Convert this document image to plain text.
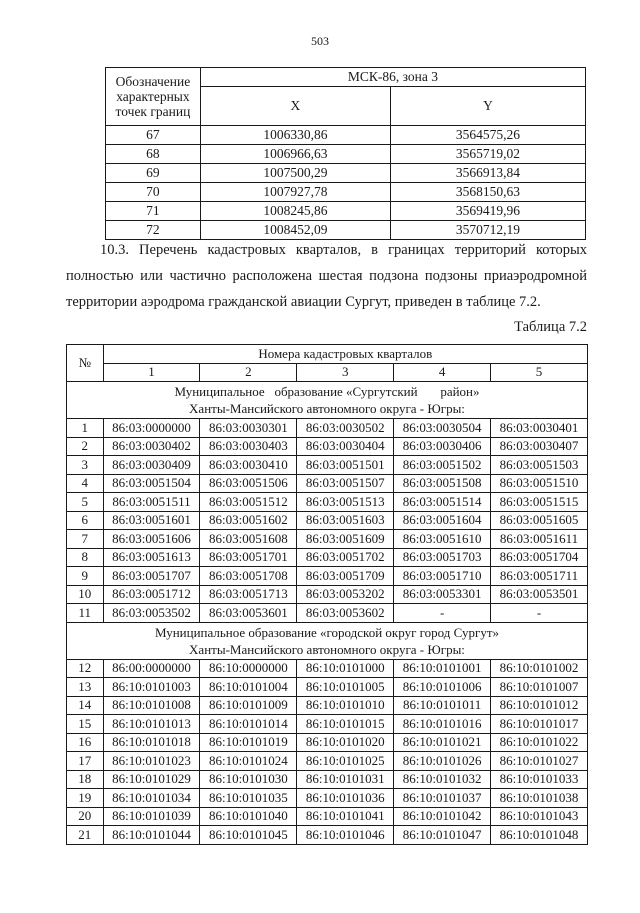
503
Обозначение характерных точек границ	МСК-86, зона 3	
	X	Y
67	1006330,86	3564575,26
68	1006966,63	3565719,02
69	1007500,29	3566913,84
70	1007927,78	3568150,63
71	1008245,86	3569419,96
72	1008452,09	3570712,19
10.3. Перечень кадастровых кварталов, в границах территорий которых
полностью или частично расположена шестая подзона подзоны приаэродромной
территории аэродрома гражданской авиации Сургут, приведен в таблице 7.2.
Таблица 7.2
№	Номера кадастровых кварталов				
	1	2	3	4	5

Муниципальное   образование «Сургутский       район»
Ханты-Мансийского автономного округа - Югры:					

1	86:03:0000000	86:03:0030301	86:03:0030502	86:03:0030504	86:03:0030401
2	86:03:0030402	86:03:0030403	86:03:0030404	86:03:0030406	86:03:0030407
3	86:03:0030409	86:03:0030410	86:03:0051501	86:03:0051502	86:03:0051503
4	86:03:0051504	86:03:0051506	86:03:0051507	86:03:0051508	86:03:0051510
5	86:03:0051511	86:03:0051512	86:03:0051513	86:03:0051514	86:03:0051515
6	86:03:0051601	86:03:0051602	86:03:0051603	86:03:0051604	86:03:0051605
7	86:03:0051606	86:03:0051608	86:03:0051609	86:03:0051610	86:03:0051611
8	86:03:0051613	86:03:0051701	86:03:0051702	86:03:0051703	86:03:0051704
9	86:03:0051707	86:03:0051708	86:03:0051709	86:03:0051710	86:03:0051711
10	86:03:0051712	86:03:0051713	86:03:0053202	86:03:0053301	86:03:0053501
11	86:03:0053502	86:03:0053601	86:03:0053602	-	-

Муниципальное образование «городской округ город Сургут»
Ханты-Мансийского автономного округа - Югры:					

12	86:00:0000000	86:10:0000000	86:10:0101000	86:10:0101001	86:10:0101002
13	86:10:0101003	86:10:0101004	86:10:0101005	86:10:0101006	86:10:0101007
14	86:10:0101008	86:10:0101009	86:10:0101010	86:10:0101011	86:10:0101012
15	86:10:0101013	86:10:0101014	86:10:0101015	86:10:0101016	86:10:0101017
16	86:10:0101018	86:10:0101019	86:10:0101020	86:10:0101021	86:10:0101022
17	86:10:0101023	86:10:0101024	86:10:0101025	86:10:0101026	86:10:0101027
18	86:10:0101029	86:10:0101030	86:10:0101031	86:10:0101032	86:10:0101033
19	86:10:0101034	86:10:0101035	86:10:0101036	86:10:0101037	86:10:0101038
20	86:10:0101039	86:10:0101040	86:10:0101041	86:10:0101042	86:10:0101043
21	86:10:0101044	86:10:0101045	86:10:0101046	86:10:0101047	86:10:0101048
